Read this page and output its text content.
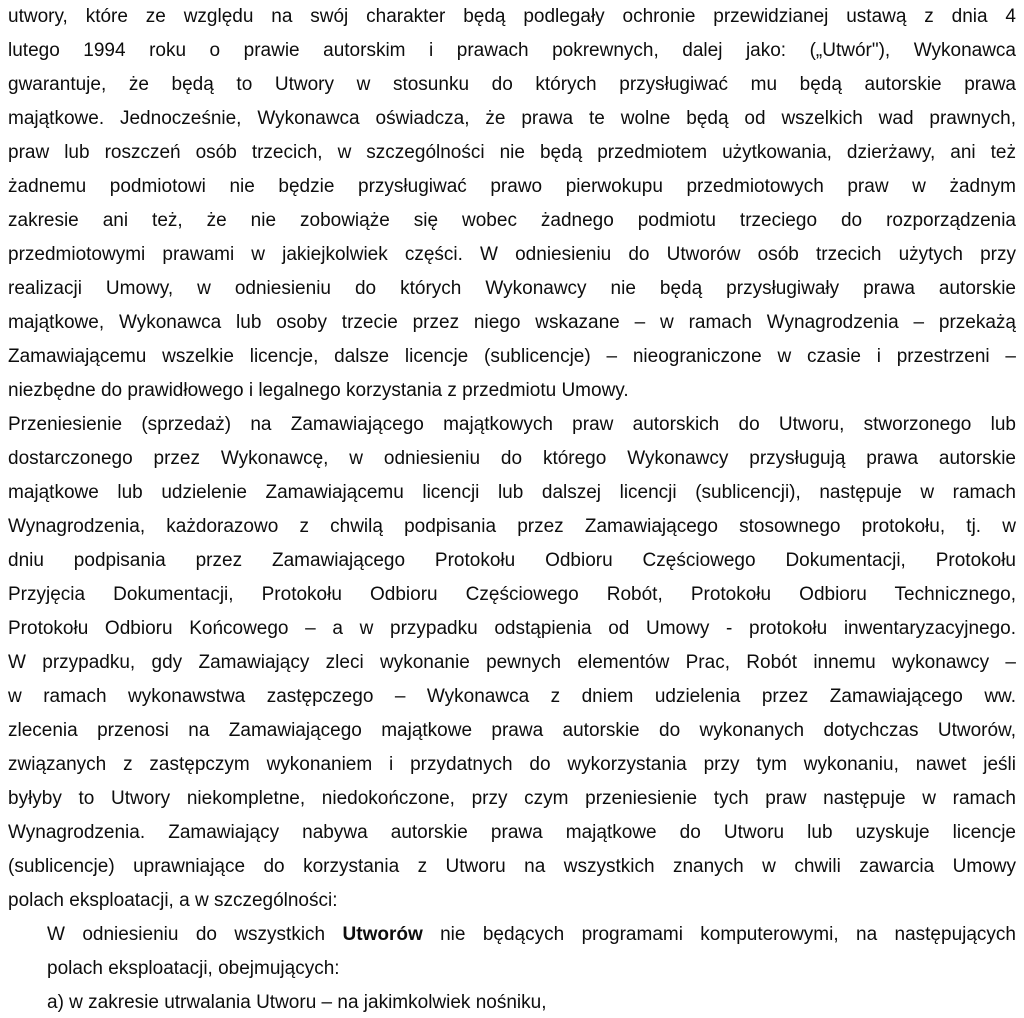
utwory, które ze względu na swój charakter będą podlegały ochronie przewidzianej ustawą z dnia 4
lutego 1994 roku o prawie autorskim i prawach pokrewnych, dalej jako: („Utwór"), Wykonawca
gwarantuje, że będą to Utwory w stosunku do których przysługiwać mu będą autorskie prawa
majątkowe. Jednocześnie, Wykonawca oświadcza, że prawa te wolne będą od wszelkich wad prawnych,
praw lub roszczeń osób trzecich, w szczególności nie będą przedmiotem użytkowania, dzierżawy, ani też
żadnemu podmiotowi nie będzie przysługiwać prawo pierwokupu przedmiotowych praw w żadnym
zakresie ani też, że nie zobowiąże się wobec żadnego podmiotu trzeciego do rozporządzenia
przedmiotowymi prawami w jakiejkolwiek części. W odniesieniu do Utworów osób trzecich użytych przy
realizacji Umowy, w odniesieniu do których Wykonawcy nie będą przysługiwały prawa autorskie
majątkowe, Wykonawca lub osoby trzecie przez niego wskazane – w ramach Wynagrodzenia – przekażą
Zamawiającemu wszelkie licencje, dalsze licencje (sublicencje) – nieograniczone w czasie i przestrzeni –
niezbędne do prawidłowego i legalnego korzystania z przedmiotu Umowy.
Przeniesienie (sprzedaż) na Zamawiającego majątkowych praw autorskich do Utworu, stworzonego lub
dostarczonego przez Wykonawcę, w odniesieniu do którego Wykonawcy przysługują prawa autorskie
majątkowe lub udzielenie Zamawiającemu licencji lub dalszej licencji (sublicencji), następuje w ramach
Wynagrodzenia, każdorazowo z chwilą podpisania przez Zamawiającego stosownego protokołu, tj. w
dniu podpisania przez Zamawiającego Protokołu Odbioru Częściowego Dokumentacji, Protokołu
Przyjęcia Dokumentacji, Protokołu Odbioru Częściowego Robót, Protokołu Odbioru Technicznego,
Protokołu Odbioru Końcowego – a w przypadku odstąpienia od Umowy - protokołu inwentaryzacyjnego.
W przypadku, gdy Zamawiający zleci wykonanie pewnych elementów Prac, Robót innemu wykonawcy –
w ramach wykonawstwa zastępczego – Wykonawca z dniem udzielenia przez Zamawiającego ww.
zlecenia przenosi na Zamawiającego majątkowe prawa autorskie do wykonanych dotychczas Utworów,
związanych z zastępczym wykonaniem i przydatnych do wykorzystania przy tym wykonaniu, nawet jeśli
byłyby to Utwory niekompletne, niedokończone, przy czym przeniesienie tych praw następuje w ramach
Wynagrodzenia. Zamawiający nabywa autorskie prawa majątkowe do Utworu lub uzyskuje licencje
(sublicencje) uprawniające do korzystania z Utworu na wszystkich znanych w chwili zawarcia Umowy
polach eksploatacji, a w szczególności:
W odniesieniu do wszystkich Utworów nie będących programami komputerowymi, na następujących
polach eksploatacji, obejmujących:
a) w zakresie utrwalania Utworu – na jakimkolwiek nośniku,
